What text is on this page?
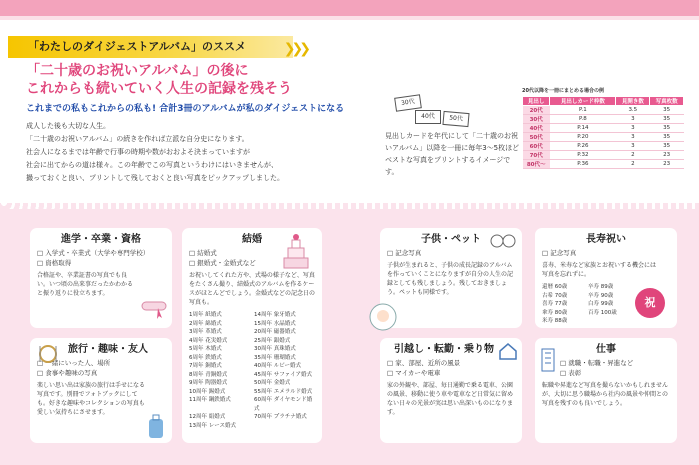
「わたしのダイジェストアルバム」のススメ	❯❯❯
「二十歳のお祝いアルバム」の後に
これからも続いていく人生の記録を残そう
これまでの私もこれからの私も! 合計3冊のアルバムが私のダイジェストになる
成人した後も大切な人生。
「二十歳のお祝いアルバム」の続きを作れば立派な自分史になります。
社会人になるまでは年齢で行事の時期や数がおおよそ決まっていますが
社会に出てからの道は様々。この年齢でこの写真というわけにはいきませんが、
撮っておくと良い、プリントして残しておくと良い写真をピックアップしました。
30代
40代	50代
見出しカードを年代にして「二十歳のお祝いアルバム」以降を一冊に毎年3〜5枚ほどベストな写真をプリントするイメージです。
20代以降を一冊にまとめる場合の例
見出し	見出しカード枠数	見開き数	写真枚数
20代	P.1	3.5	35
30代	P.8	3	35
40代	P.14	3	35
50代	P.20	3	35
60代	P.26	3	35
70代	P.32	2	23
80代〜	P.36	2	23
進学・卒業・資格
□ 入学式・卒業式（大学や専門学校）
□ 資格取得

合格証や、卒業証書の写真でも良い。いつ頃の出来事だったかわかると振り返りに役立ちます。

旅行・趣味・友人
□ 一緒にいった人、場所
□ 食事や趣味の写真

楽しい思い出は家族の旅行は手せになる写真です。別冊でフォトブックにしても。好きな趣味やコレクションの写真も愛しい気持ちにさせます。

結婚
□ 結婚式
□ 銀婚式・金婚式など

お祝いしてくれた方や、式場の様子など、写真をたくさん撮り、結婚式のアルバムを作るケースがほとんどでしょう。金婚式などの記念日の写真も。

1周年 紙婚式	14周年 象牙婚式
2周年 綿婚式	15周年 水晶婚式
3周年 革婚式	20周年 磁器婚式
4周年 花実婚式	25周年 銀婚式
5周年 木婚式	30周年 真珠婚式
6周年 鉄婚式	35周年 珊瑚婚式
7周年 銅婚式	40周年 ルビー婚式
8周年 青銅婚式	45周年 サファイア婚式
9周年 陶器婚式	50周年 金婚式
10周年 錫婚式	55周年 エメラルド婚式
11周年 鋼鉄婚式	60周年 ダイヤモンド婚式
12周年 絹婚式	70周年 プラチナ婚式
13周年 レース婚式
子供・ペット
□ 記念写真

子供が生まれると、子供の成長記録のアルバムを作っていくことになりますが自分の人生の記録としても残しましょう。残しておきましょう。ペットも同様です。

引越し・転勤・乗り物
□ 家、部屋、近所の風景
□ マイカーや電車

家の外観や、部屋、毎日通勤で乗る電車、公園の風景、移動に使う車や電車など日常気に留めない日々の光景が実は思い出深いものになります。

長寿祝い
□ 記念写真

喜寿、米寿など家族とお祝いする機会には写真を忘れずに。

還暦 60歳	卒寿 89歳
古希 70歳	卒寿 90歳
喜寿 77歳	白寿 99歳
傘寿 80歳	百寿 100歳
米寿 88歳
祝
仕事
□ 就職・転職・昇進など
□ 表彰

転職や昇進など写真を撮らないかもしれませんが、大切に思う職場から社内の風景や仲間との写真を残すのも良いでしょう。
